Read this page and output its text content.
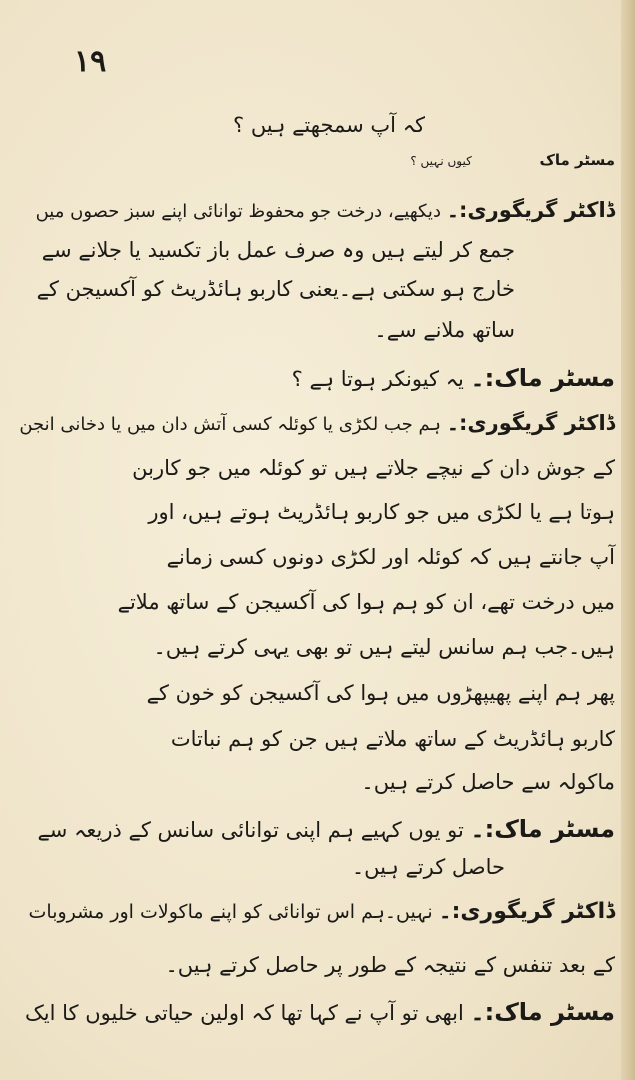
١٩
کہ آپ سمجھتے ہیں ؟
مسٹر ماک  کیوں نہیں ؟
ڈاکٹر گریگوری:۔ دیکھیے، درخت جو محفوظ توانائی اپنے سبز حصوں میں
جمع کر لیتے ہیں وہ صرف عمل باز تکسید یا جلانے سے
خارج ہو سکتی ہے۔یعنی کاربو ہائڈریٹ کو آکسیجن کے
ساتھ ملانے سے۔
مسٹر ماک:۔ یہ کیونکر ہوتا ہے ؟
ڈاکٹر گریگوری:۔ ہم جب لکڑی یا کوئلہ کسی آتش دان میں یا دخانی انجن
کے جوش دان کے نیچے جلاتے ہیں تو کوئلہ میں جو کاربن
ہوتا ہے یا لکڑی میں جو کاربو ہائڈریٹ ہوتے ہیں، اور
آپ جانتے ہیں کہ کوئلہ اور لکڑی دونوں کسی زمانے
میں درخت تھے، ان کو ہم ہوا کی آکسیجن کے ساتھ ملاتے
ہیں۔جب ہم سانس لیتے ہیں تو بھی یہی کرتے ہیں۔
پھر ہم اپنے پھیپھڑوں میں ہوا کی آکسیجن کو خون کے
کاربو ہائڈریٹ کے ساتھ ملاتے ہیں جن کو ہم نباتات
ماکولہ سے حاصل کرتے ہیں۔
مسٹر ماک:۔ تو یوں کہیے ہم اپنی توانائی سانس کے ذریعہ سے
حاصل کرتے ہیں۔
ڈاکٹر گریگوری:۔ نہیں۔ہم اس توانائی کو اپنے ماکولات اور مشروبات
کے بعد تنفس کے نتیجہ کے طور پر حاصل کرتے ہیں۔
مسٹر ماک:۔ ابھی تو آپ نے کہا تھا کہ اولین حیاتی خلیوں کا ایک
